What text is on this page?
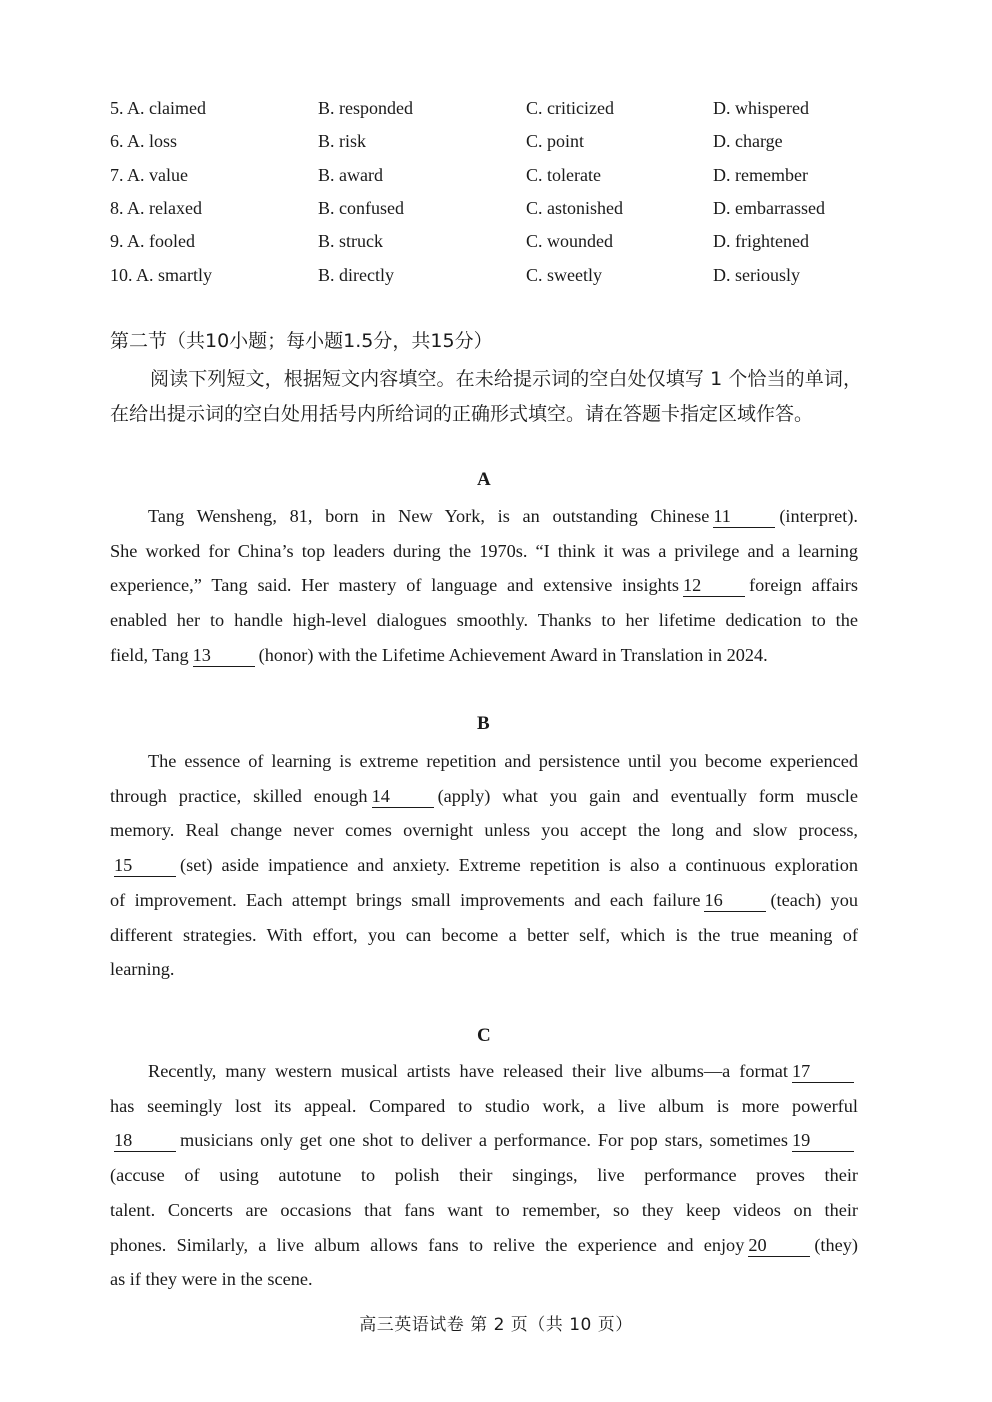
5. A. claimed	B. responded	C. criticized	D. whispered
6. A. loss	B. risk	C. point	D. charge
7. A. value	B. award	C. tolerate	D. remember
8. A. relaxed	B. confused	C. astonished	D. embarrassed
9. A. fooled	B. struck	C. wounded	D. frightened
10. A. smartly	B. directly	C. sweetly	D. seriously
第二节（共10小题；每小题1.5分，共15分）
阅读下列短文，根据短文内容填空。在未给提示词的空白处仅填写 1 个恰当的单词，在给出提示词的空白处用括号内所给词的正确形式填空。请在答题卡指定区域作答。
A
Tang Wensheng, 81, born in New York, is an outstanding Chinese 11	(interpret).
She worked for China’s top leaders during the 1970s. “I think it was a privilege and a learning
experience,” Tang said. Her mastery of language and extensive insights 12	foreign affairs
enabled her to handle high-level dialogues smoothly. Thanks to her lifetime dedication to the
field, Tang 13	(honor) with the Lifetime Achievement Award in Translation in 2024.
B
The essence of learning is extreme repetition and persistence until you become experienced
through practice, skilled enough 14	(apply) what you gain and eventually form muscle
memory. Real change never comes overnight unless you accept the long and slow process,
15	(set) aside impatience and anxiety. Extreme repetition is also a continuous exploration
of improvement. Each attempt brings small improvements and each failure 16	(teach) you
different strategies. With effort, you can become a better self, which is the true meaning of
learning.
C
Recently, many western musical artists have released their live albums—a format 17
has seemingly lost its appeal. Compared to studio work, a live album is more powerful
18	musicians only get one shot to deliver a performance. For pop stars, sometimes 19
(accuse of using autotune to polish their singings, live performance proves their
talent. Concerts are occasions that fans want to remember, so they keep videos on their
phones. Similarly, a live album allows fans to relive the experience and enjoy 20	(they)
as if they were in the scene.
高三英语试卷 第 2 页（共 10 页）
